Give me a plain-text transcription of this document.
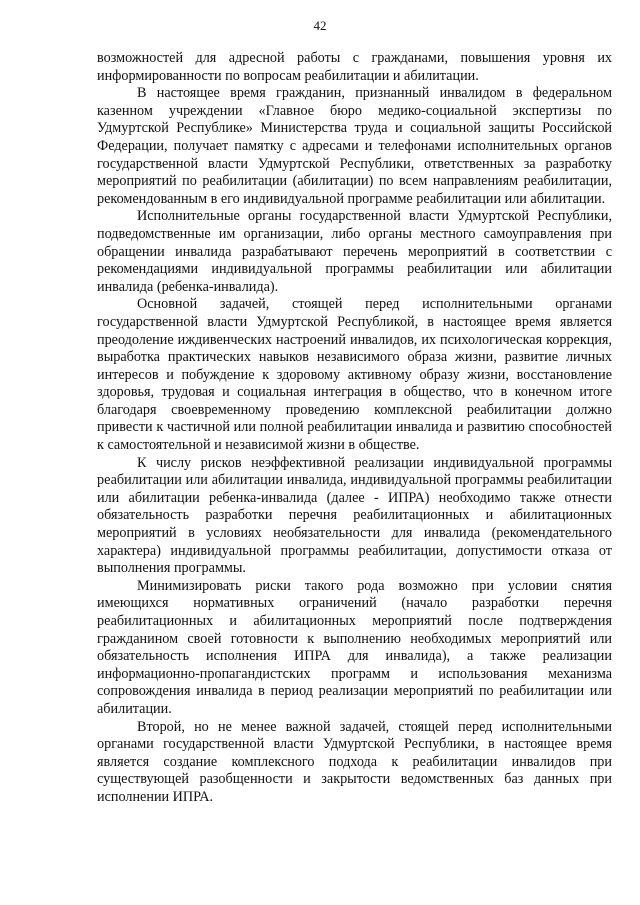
42

возможностей для адресной работы с гражданами, повышения уровня их информированности по вопросам реабилитации и абилитации.

В настоящее время гражданин, признанный инвалидом в федеральном казенном учреждении «Главное бюро медико-социальной экспертизы по Удмуртской Республике» Министерства труда и социальной защиты Российской Федерации, получает памятку с адресами и телефонами исполнительных органов государственной власти Удмуртской Республики, ответственных за разработку мероприятий по реабилитации (абилитации) по всем направлениям реабилитации, рекомендованным в его индивидуальной программе реабилитации или абилитации.

Исполнительные органы государственной власти Удмуртской Республики, подведомственные им организации, либо органы местного самоуправления при обращении инвалида разрабатывают перечень мероприятий в соответствии с рекомендациями индивидуальной программы реабилитации или абилитации инвалида (ребенка-инвалида).

Основной задачей, стоящей перед исполнительными органами государственной власти Удмуртской Республикой, в настоящее время является преодоление иждивенческих настроений инвалидов, их психологическая коррекция, выработка практических навыков независимого образа жизни, развитие личных интересов и побуждение к здоровому активному образу жизни, восстановление здоровья, трудовая и социальная интеграция в общество, что в конечном итоге благодаря своевременному проведению комплексной реабилитации должно привести к частичной или полной реабилитации инвалида и развитию способностей к самостоятельной и независимой жизни в обществе.

К числу рисков неэффективной реализации индивидуальной программы реабилитации или абилитации инвалида, индивидуальной программы реабилитации или абилитации ребенка-инвалида (далее - ИПРА) необходимо также отнести обязательность разработки перечня реабилитационных и абилитационных мероприятий в условиях необязательности для инвалида (рекомендательного характера) индивидуальной программы реабилитации, допустимости отказа от выполнения программы.

Минимизировать риски такого рода возможно при условии снятия имеющихся нормативных ограничений (начало разработки перечня реабилитационных и абилитационных мероприятий после подтверждения гражданином своей готовности к выполнению необходимых мероприятий или обязательность исполнения ИПРА для инвалида), а также реализации информационно-пропагандистских программ и использования механизма сопровождения инвалида в период реализации мероприятий по реабилитации или абилитации.

Второй, но не менее важной задачей, стоящей перед исполнительными органами государственной власти Удмуртской Республики, в настоящее время является создание комплексного подхода к реабилитации инвалидов при существующей разобщенности и закрытости ведомственных баз данных при исполнении ИПРА.
